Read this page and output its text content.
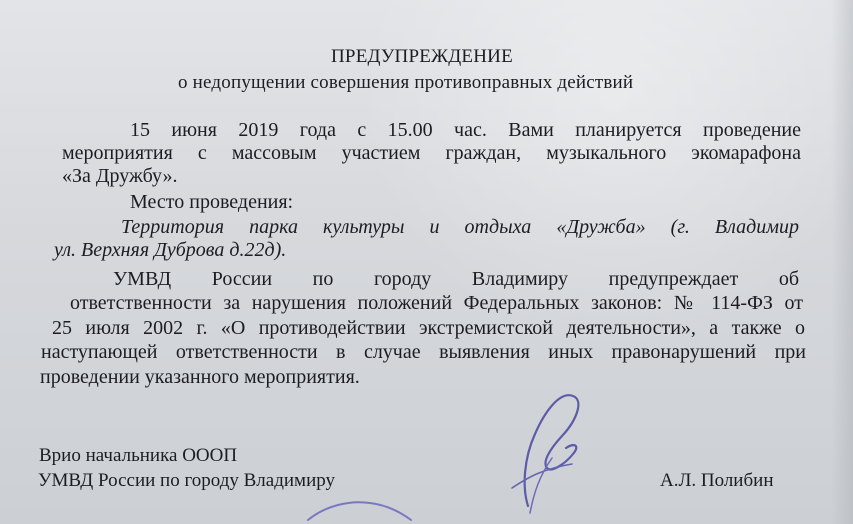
ПРЕДУПРЕЖДЕНИЕ

о недопущении совершения противоправных действий

15 июня 2019 года с 15.00 час. Вами планируется проведение

мероприятия с массовым участием граждан, музыкального экомарафона

«За Дружбу».

Место проведения:

Территория парка культуры и отдыха «Дружба» (г. Владимир

ул. Верхняя Дуброва д.22д).

УМВД России по городу Владимиру предупреждает об

ответственности за нарушения положений Федеральных законов: № 114-ФЗ от

25 июля 2002 г. «О противодействии экстремистской деятельности», а также о

наступающей ответственности в случае выявления иных правонарушений при

проведении указанного мероприятия.

Врио начальника ОООП

УМВД России по городу Владимиру	А.Л. Полибин
